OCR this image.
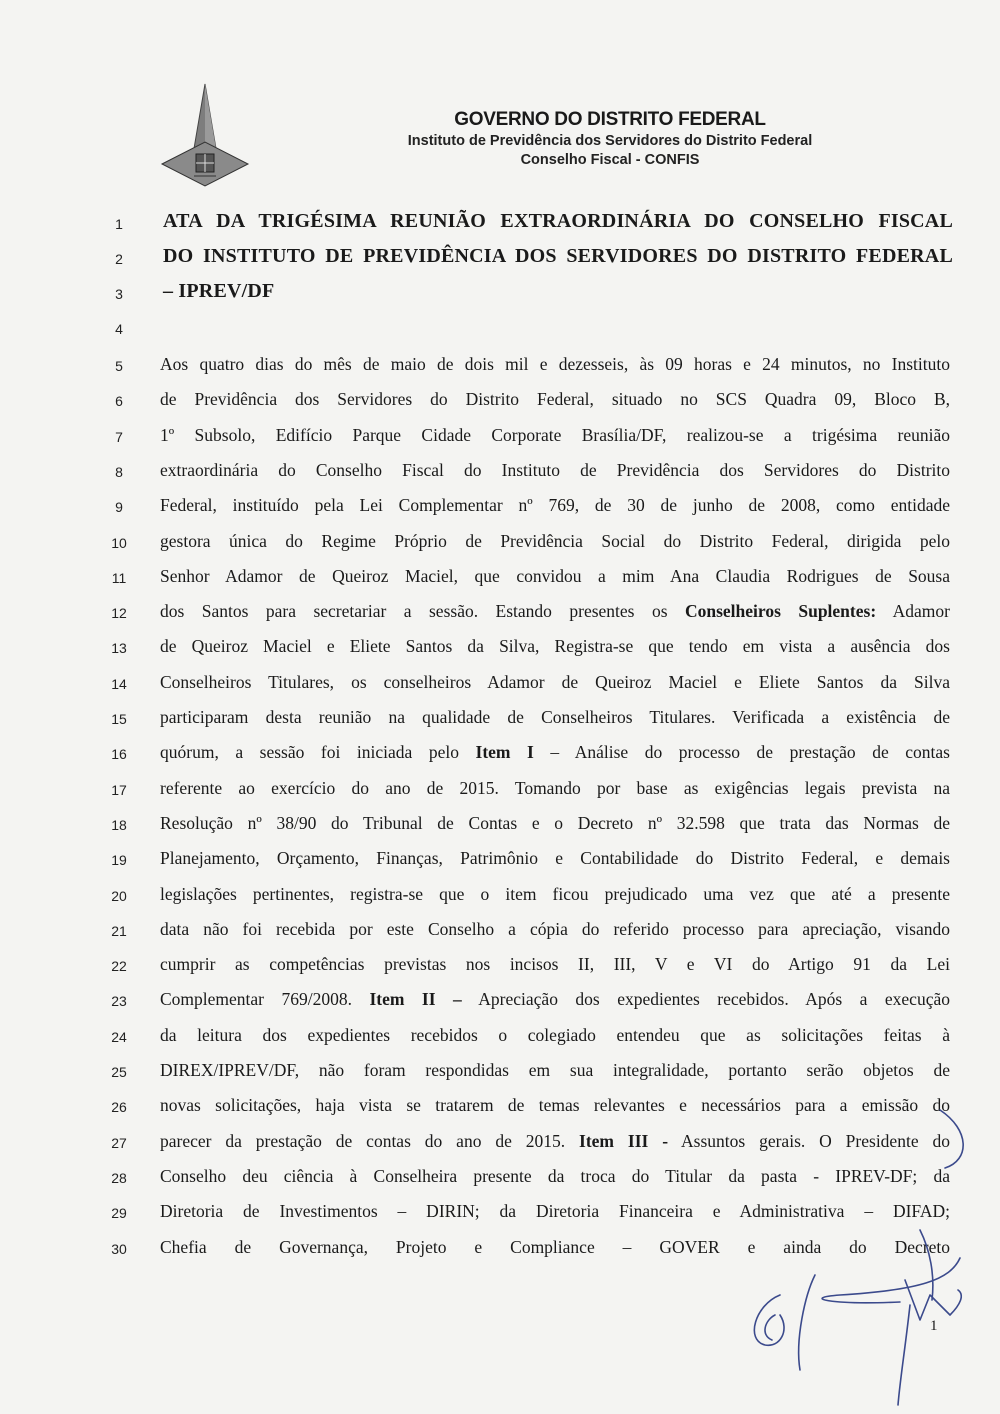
GOVERNO DO DISTRITO FEDERAL
Instituto de Previdência dos Servidores do Distrito Federal
Conselho Fiscal - CONFIS
1	ATA DA TRIGÉSIMA REUNIÃO EXTRAORDINÁRIA DO CONSELHO FISCAL
2	DO INSTITUTO DE PREVIDÊNCIA DOS SERVIDORES DO DISTRITO FEDERAL
3	– IPREV/DF
4
5	Aos quatro dias do mês de maio de dois mil e dezesseis, às 09 horas e 24 minutos, no Instituto
6	de Previdência dos Servidores do Distrito Federal, situado no SCS Quadra 09, Bloco B,
7	1º Subsolo, Edifício Parque Cidade Corporate Brasília/DF, realizou-se a trigésima reunião
8	extraordinária do Conselho Fiscal do Instituto de Previdência dos Servidores do Distrito
9	Federal, instituído pela Lei Complementar nº 769, de 30 de junho de 2008, como entidade
10	gestora única do Regime Próprio de Previdência Social do Distrito Federal, dirigida pelo
11	Senhor Adamor de Queiroz Maciel, que convidou a mim Ana Claudia Rodrigues de Sousa
12	dos Santos para secretariar a sessão. Estando presentes os Conselheiros Suplentes: Adamor
13	de Queiroz Maciel e Eliete Santos da Silva, Registra-se que tendo em vista a ausência dos
14	Conselheiros Titulares, os conselheiros Adamor de Queiroz Maciel e Eliete Santos da Silva
15	participaram desta reunião na qualidade de Conselheiros Titulares. Verificada a existência de
16	quórum, a sessão foi iniciada pelo Item I – Análise do processo de prestação de contas
17	referente ao exercício do ano de 2015. Tomando por base as exigências legais prevista na
18	Resolução nº 38/90 do Tribunal de Contas e o Decreto nº 32.598 que trata das Normas de
19	Planejamento, Orçamento, Finanças, Patrimônio e Contabilidade do Distrito Federal, e demais
20	legislações pertinentes, registra-se que o item ficou prejudicado uma vez que até a presente
21	data não foi recebida por este Conselho a cópia do referido processo para apreciação, visando
22	cumprir as competências previstas nos incisos II, III, V e VI do Artigo 91 da Lei
23	Complementar 769/2008. Item II – Apreciação dos expedientes recebidos. Após a execução
24	da leitura dos expedientes recebidos o colegiado entendeu que as solicitações feitas à
25	DIREX/IPREV/DF, não foram respondidas em sua integralidade, portanto serão objetos de
26	novas solicitações, haja vista se tratarem de temas relevantes e necessários para a emissão do
27	parecer da prestação de contas do ano de 2015. Item III - Assuntos gerais. O Presidente do
28	Conselho deu ciência à Conselheira presente da troca do Titular da pasta - IPREV-DF; da
29	Diretoria de Investimentos – DIRIN; da Diretoria Financeira e Administrativa – DIFAD;
30	Chefia de Governança, Projeto e Compliance – GOVER e ainda do Decreto
1
